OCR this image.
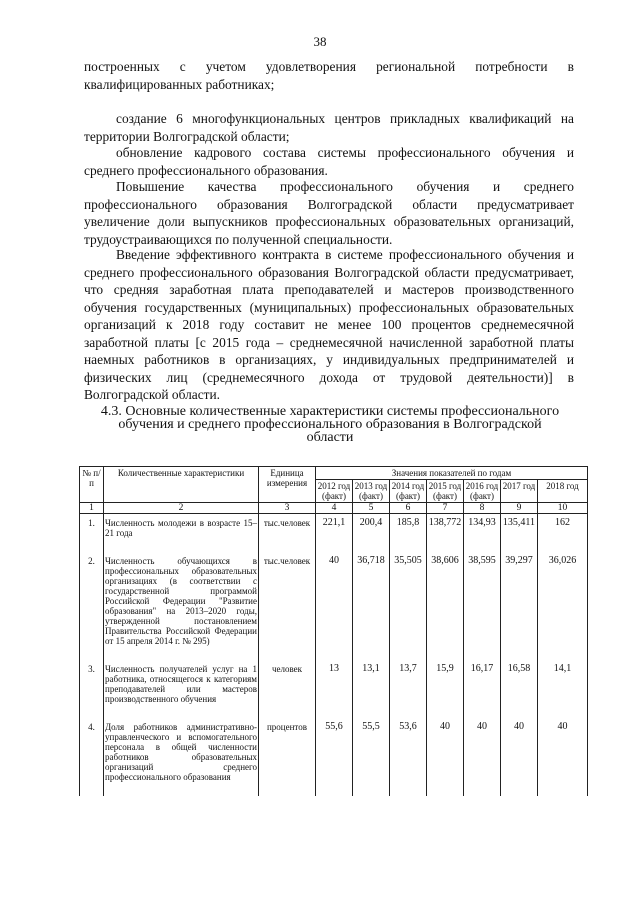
38

построенных с учетом удовлетворения региональной потребности в квалифицированных работниках;

создание 6 многофункциональных центров прикладных квалификаций на территории Волгоградской области;

обновление кадрового состава системы профессионального обучения и среднего профессионального образования.

Повышение качества профессионального обучения и среднего профессионального образования Волгоградской области предусматривает увеличение доли выпускников профессиональных образовательных организаций, трудоустраивающихся по полученной специальности.

Введение эффективного контракта в системе профессионального обучения и среднего профессионального образования Волгоградской области предусматривает, что средняя заработная плата преподавателей и мастеров производственного обучения государственных (муниципальных) профессиональных образовательных организаций к 2018 году составит не менее 100 процентов среднемесячной заработной платы [с 2015 года – среднемесячной начисленной заработной платы наемных работников в организациях, у индивидуальных предпринимателей и физических лиц (среднемесячного дохода от трудовой деятельности)] в Волгоградской области.

4.3. Основные количественные характеристики системы профессионального обучения и среднего профессионального образования в Волгоградской области
№ п/п	Количественные характеристики	Единица измерения	Значения показателей по годам						
			2012 год (факт)	2013 год (факт)	2014 год (факт)	2015 год (факт)	2016 год (факт)	2017 год	2018 год
1	2	3	4	5	6	7	8	9	10
1.	Численность молодежи в возрасте 15–21 года	тыс.человек	221,1	200,4	185,8	138,772	134,93	135,411	162
2.	Численность обучающихся в профессиональных образовательных организациях (в соответствии с государственной программой Российской Федерации "Развитие образования" на 2013–2020 годы, утвержденной постановлением Правительства Российской Федерации от 15 апреля 2014 г. № 295)	тыс.человек	40	36,718	35,505	38,606	38,595	39,297	36,026
3.	Численность получателей услуг на 1 работника, относящегося к категориям преподавателей или мастеров производственного обучения	человек	13	13,1	13,7	15,9	16,17	16,58	14,1
4.	Доля работников административно-управленческого и вспомогательного персонала в общей численности работников образовательных организаций среднего профессионального образования	процентов	55,6	55,5	53,6	40	40	40	40
